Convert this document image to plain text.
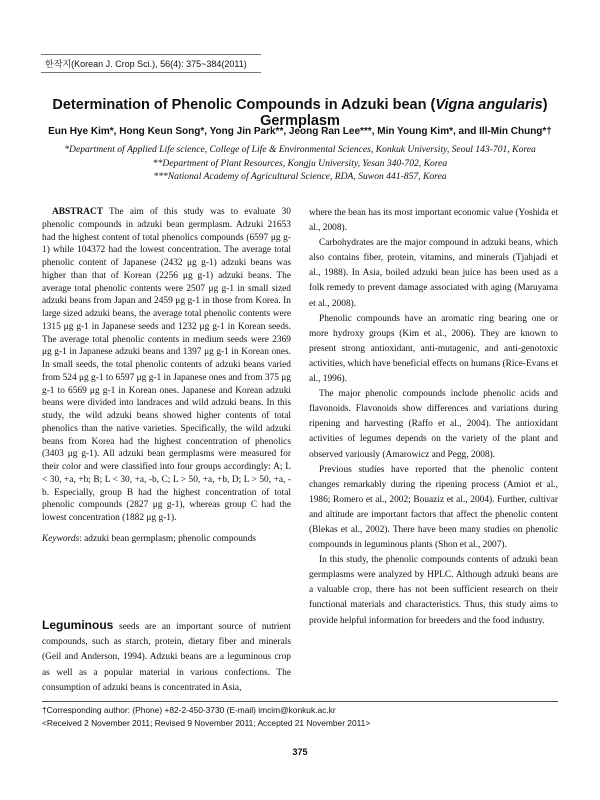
한작지(Korean J. Crop Sci.), 56(4): 375~384(2011)
Determination of Phenolic Compounds in Adzuki bean (Vigna angularis) Germplasm
Eun Hye Kim*, Hong Keun Song*, Yong Jin Park**, Jeong Ran Lee***, Min Young Kim*, and Ill-Min Chung*†
*Department of Applied Life science, College of Life & Environmental Sciences, Konkuk University, Seoul 143-701, Korea
**Department of Plant Resources, Kongju University, Yesan 340-702, Korea
***National Academy of Agricultural Science, RDA, Suwon 441-857, Korea

ABSTRACT The aim of this study was to evaluate 30 phenolic compounds in adzuki bean germplasm. Adzuki 21653 had the highest content of total phenolics compounds (6597 μg g-1) while 104372 had the lowest concentration. The average total phenolic content of Japanese (2432 μg g-1) adzuki beans was higher than that of Korean (2256 μg g-1) adzuki beans. The average total phenolic contents were 2507 μg g-1 in small sized adzuki beans from Japan and 2459 μg g-1 in those from Korea. In large sized adzuki beans, the average total phenolic contents were 1315 μg g-1 in Japanese seeds and 1232 μg g-1 in Korean seeds. The average total phenolic contents in medium seeds were 2369 μg g-1 in Japanese adzuki beans and 1397 μg g-1 in Korean ones. In small seeds, the total phenolic contents of adzuki beans varied from 524 μg g-1 to 6597 μg g-1 in Japanese ones and from 375 μg g-1 to 6569 μg g-1 in Korean ones. Japanese and Korean adzuki beans were divided into landraces and wild adzuki beans. In this study, the wild adzuki beans showed higher contents of total phenolics than the native varieties. Specifically, the wild adzuki beans from Korea had the highest concentration of phenolics (3403 μg g-1). All adzuki bean germplasms were measured for their color and were classified into four groups accordingly: A; L < 30, +a, +b; B; L < 30, +a, -b, C; L > 50, +a, +b, D; L > 50, +a, -b. Especially, group B had the highest concentration of total phenolic compounds (2827 μg g-1), whereas group C had the lowest concentration (1882 μg g-1).

Keywords: adzuki bean germplasm; phenolic compounds

Leguminous seeds are an important source of nutrient compounds, such as starch, protein, dietary fiber and minerals (Geil and Anderson, 1994). Adzuki beans are a leguminous crop as well as a popular material in various confections. The consumption of adzuki beans is concentrated in Asia,

where the bean has its most important economic value (Yoshida et al., 2008).

Carbohydrates are the major compound in adzuki beans, which also contains fiber, protein, vitamins, and minerals (Tjahjadi et al., 1988). In Asia, boiled adzuki bean juice has been used as a folk remedy to prevent damage associated with aging (Maruyama et al., 2008).

Phenolic compounds have an aromatic ring bearing one or more hydroxy groups (Kim et al., 2006). They are known to present strong antioxidant, anti-mutagenic, and anti-genotoxic activities, which have beneficial effects on humans (Rice-Evans et al., 1996).

The major phenolic compounds include phenolic acids and flavonoids. Flavonoids show differences and variations during ripening and harvesting (Raffo et al., 2004). The antioxidant activities of legumes depends on the variety of the plant and observed variously (Amarowicz and Pegg, 2008).

Previous studies have reported that the phenolic content changes remarkably during the ripening process (Amiot et al., 1986; Romero et al., 2002; Bouaziz et al., 2004). Further, cultivar and altitude are important factors that affect the phenolic content (Blekas et al., 2002). There have been many studies on phenolic compounds in leguminous plants (Shon et al., 2007).

In this study, the phenolic compounds contents of adzuki bean germplasms were analyzed by HPLC. Although adzuki beans are a valuable crop, there has not been sufficient research on their functional materials and characteristics. Thus, this study aims to provide helpful information for breeders and the food industry.

†Corresponding author: (Phone) +82-2-450-3730 (E-mail) imcim@konkuk.ac.kr
<Received 2 November 2011; Revised 9 November 2011; Accepted 21 November 2011>
375
